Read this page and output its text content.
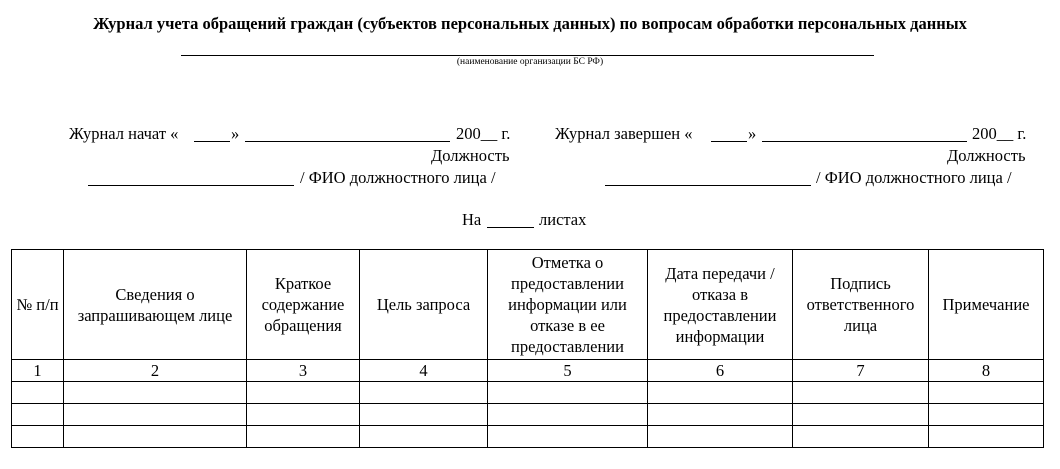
Журнал учета обращений граждан (субъектов персональных данных) по вопросам обработки персональных данных
(наименование организации БС РФ)
Журнал начат «	»	200__ г.
Должность
/ ФИО должностного лица /
Журнал завершен «	»	200__ г.
Должность
/ ФИО должностного лица /
На	листах
№ п/п	Сведения о запрашивающем лице	Краткое содержание обращения	Цель запроса	Отметка о предоставлении информации или отказе в ее предоставлении	Дата передачи / отказа в предоставлении информации	Подпись ответственного лица	Примечание
1	2	3	4	5	6	7	8
